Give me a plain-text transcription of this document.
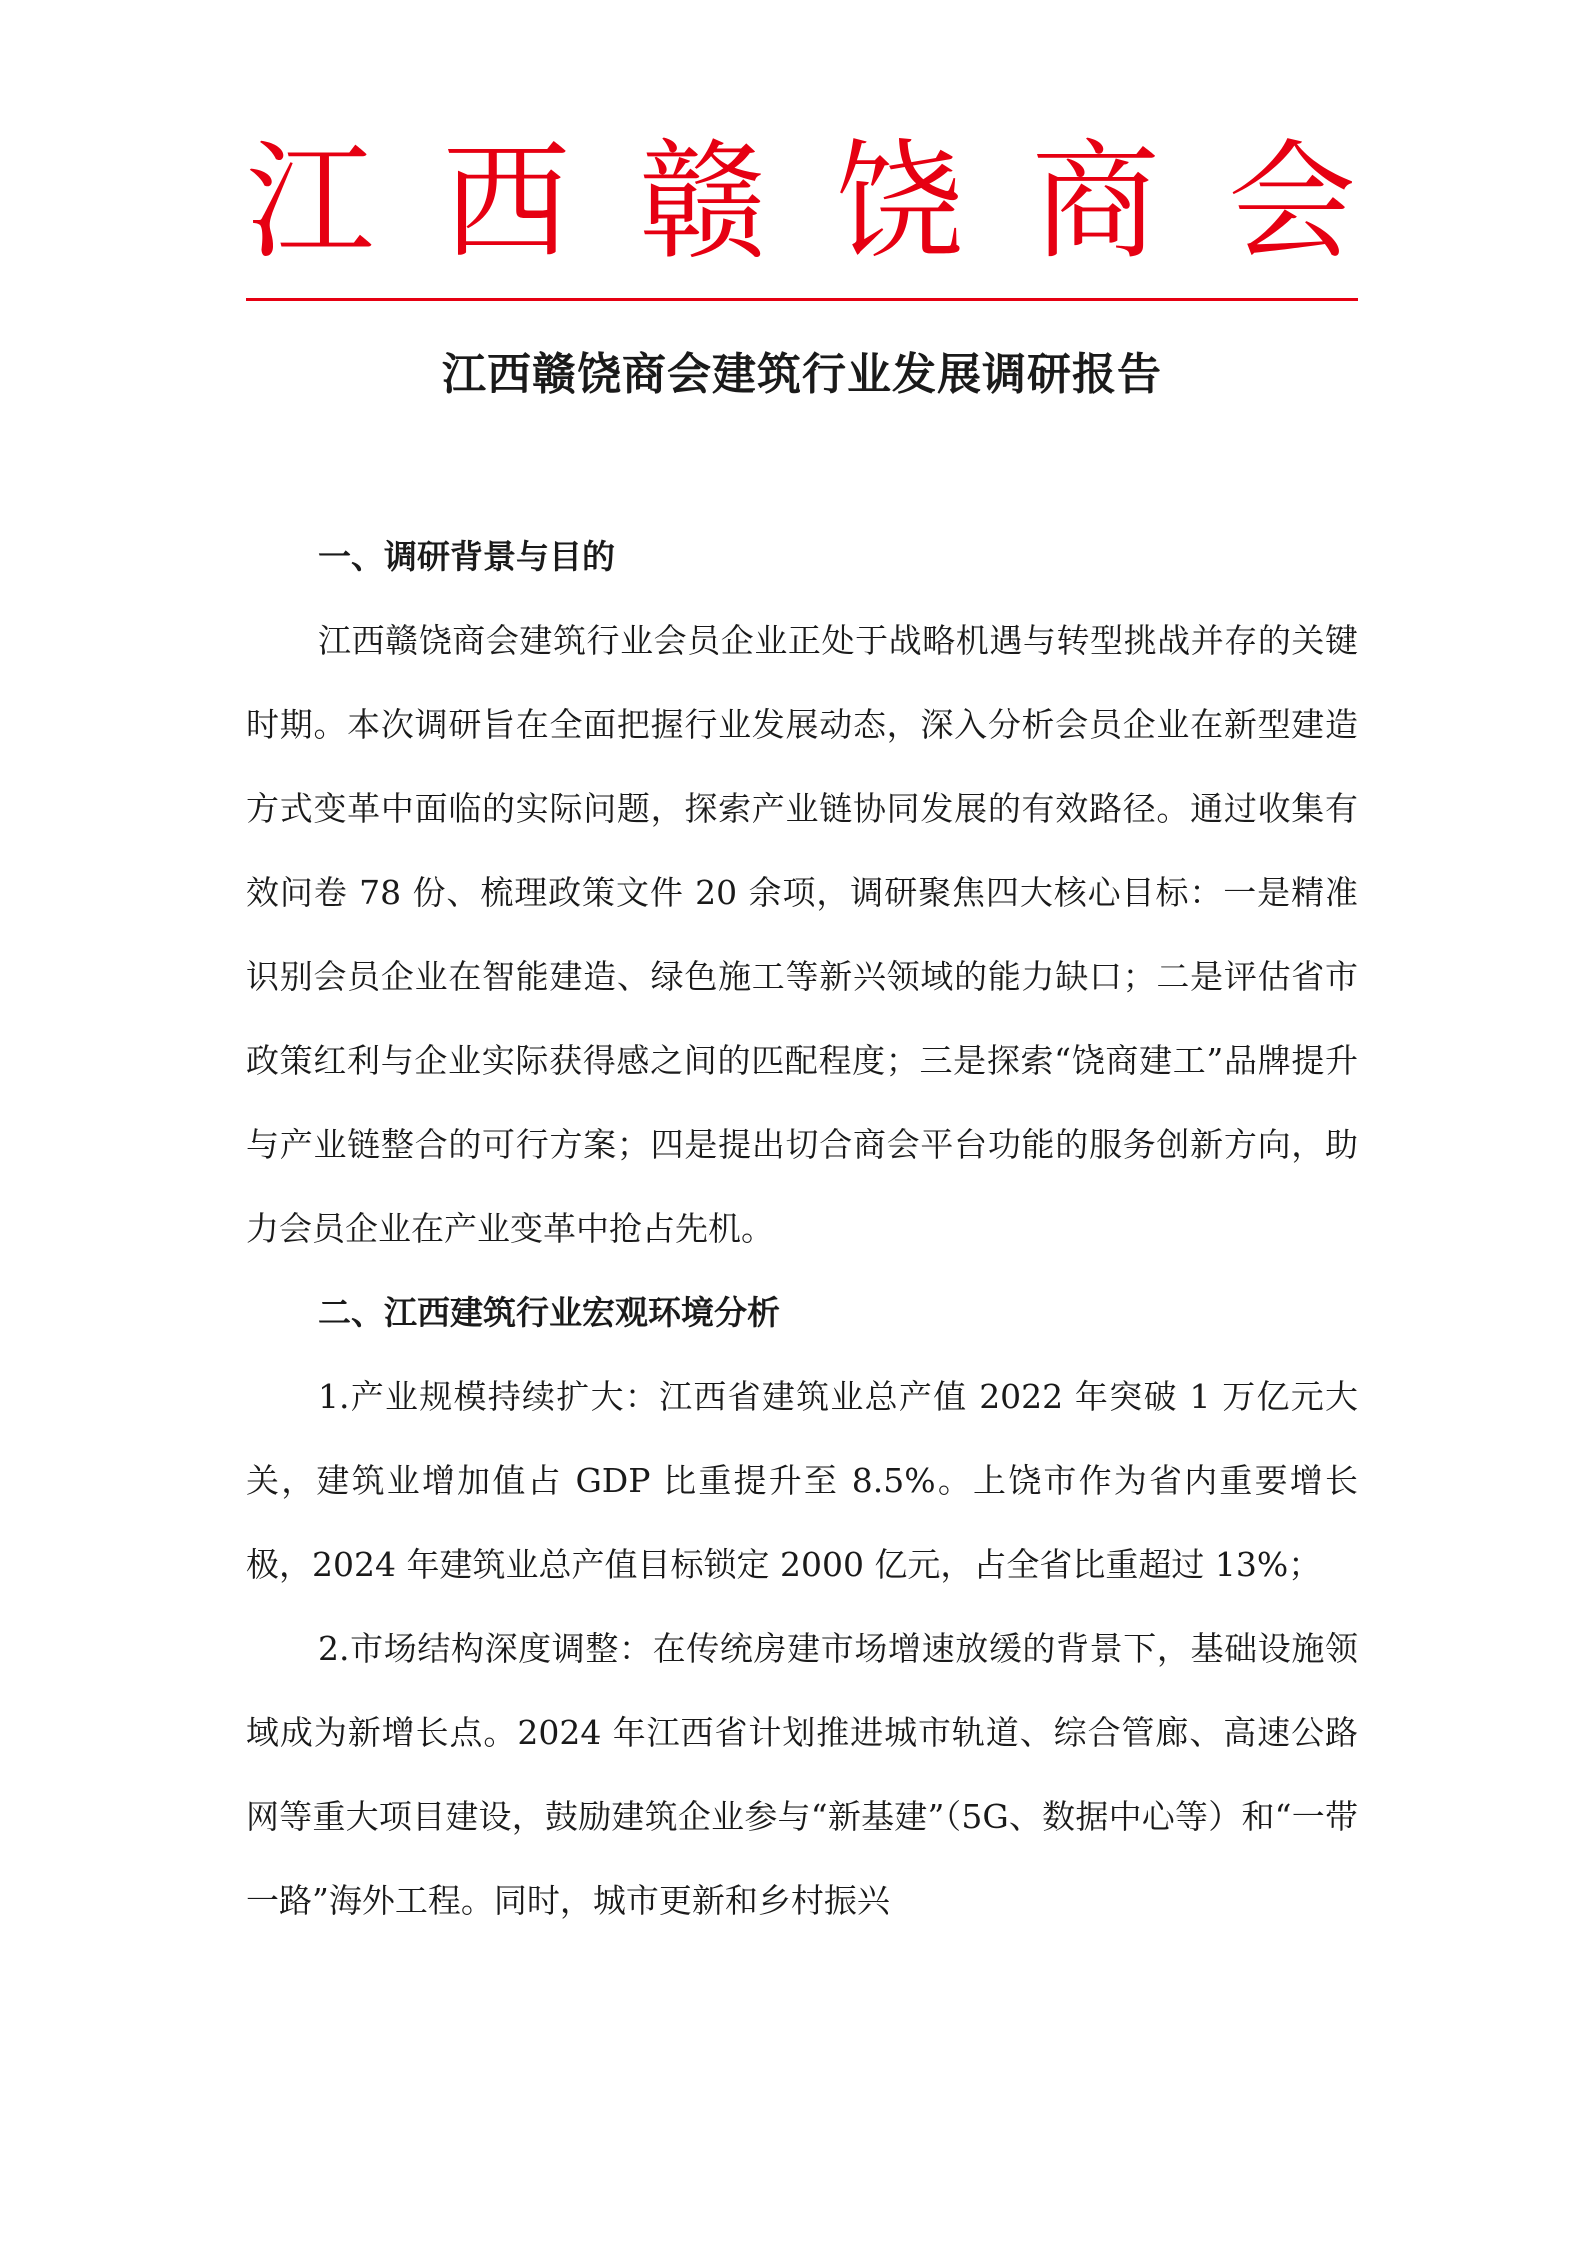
江 西 赣 饶 商 会
江西赣饶商会建筑行业发展调研报告

一、调研背景与目的

江西赣饶商会建筑行业会员企业正处于战略机遇与转型挑战并存的关键时期。本次调研旨在全面把握行业发展动态，深入分析会员企业在新型建造方式变革中面临的实际问题，探索产业链协同发展的有效路径。通过收集有效问卷 78 份、梳理政策文件 20 余项，调研聚焦四大核心目标：一是精准识别会员企业在智能建造、绿色施工等新兴领域的能力缺口；二是评估省市政策红利与企业实际获得感之间的匹配程度；三是探索“饶商建工”品牌提升与产业链整合的可行方案；四是提出切合商会平台功能的服务创新方向，助力会员企业在产业变革中抢占先机。

二、江西建筑行业宏观环境分析

1.产业规模持续扩大：江西省建筑业总产值 2022 年突破 1 万亿元大关，建筑业增加值占 GDP 比重提升至 8.5%。上饶市作为省内重要增长极，2024 年建筑业总产值目标锁定 2000 亿元，占全省比重超过 13%；

2.市场结构深度调整：在传统房建市场增速放缓的背景下，基础设施领域成为新增长点。2024 年江西省计划推进城市轨道、综合管廊、高速公路网等重大项目建设，鼓励建筑企业参与“新基建”（5G、数据中心等）和“一带一路”海外工程。同时，城市更新和乡村振兴
